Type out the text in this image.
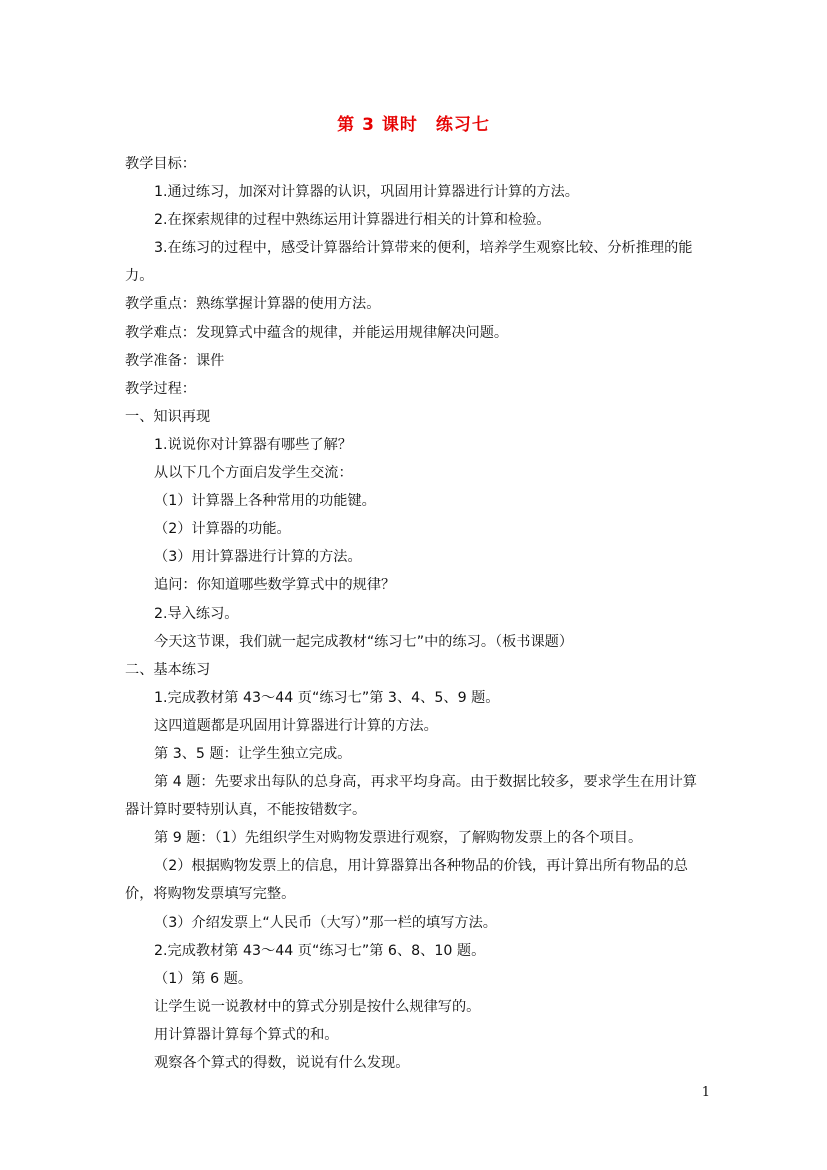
第 3 课时　练习七
教学目标：
1.通过练习，加深对计算器的认识，巩固用计算器进行计算的方法。
2.在探索规律的过程中熟练运用计算器进行相关的计算和检验。
3.在练习的过程中，感受计算器给计算带来的便利，培养学生观察比较、分析推理的能
力。
教学重点：熟练掌握计算器的使用方法。
教学难点：发现算式中蕴含的规律，并能运用规律解决问题。
教学准备：课件
教学过程：
一、知识再现
1.说说你对计算器有哪些了解？
从以下几个方面启发学生交流：
（1）计算器上各种常用的功能键。
（2）计算器的功能。
（3）用计算器进行计算的方法。
追问：你知道哪些数学算式中的规律？
2.导入练习。
今天这节课，我们就一起完成教材“练习七”中的练习。（板书课题）
二、基本练习
1.完成教材第 43～44 页“练习七”第 3、4、5、9 题。
这四道题都是巩固用计算器进行计算的方法。
第 3、5 题：让学生独立完成。
第 4 题：先要求出每队的总身高，再求平均身高。由于数据比较多，要求学生在用计算
器计算时要特别认真，不能按错数字。
第 9 题：（1）先组织学生对购物发票进行观察，了解购物发票上的各个项目。
（2）根据购物发票上的信息，用计算器算出各种物品的价钱，再计算出所有物品的总
价，将购物发票填写完整。
（3）介绍发票上“人民币（大写）”那一栏的填写方法。
2.完成教材第 43～44 页“练习七”第 6、8、10 题。
（1）第 6 题。
让学生说一说教材中的算式分别是按什么规律写的。
用计算器计算每个算式的和。
观察各个算式的得数，说说有什么发现。
1
